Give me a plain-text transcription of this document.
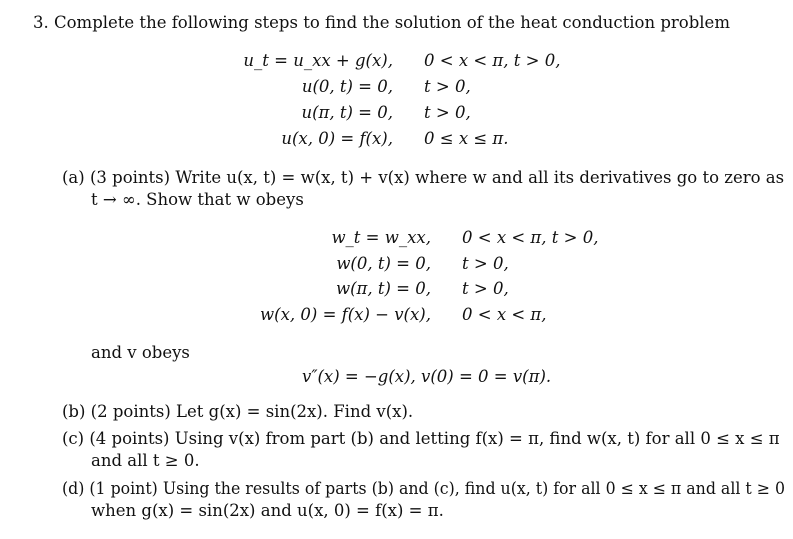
3. Complete the following steps to find the solution of the heat conduction problem
u_t = u_xx + g(x), 0 < x < π, t > 0,
u(0, t) = 0, t > 0,
u(π, t) = 0, t > 0,
u(x, 0) = f(x), 0 ≤ x ≤ π.
(a) (3 points) Write u(x, t) = w(x, t) + v(x) where w and all its derivatives go to zero as
t → ∞. Show that w obeys
w_t = w_xx, 0 < x < π, t > 0,
w(0, t) = 0, t > 0,
w(π, t) = 0, t > 0,
w(x, 0) = f(x) − v(x), 0 < x < π,
and v obeys
v″(x) = −g(x), v(0) = 0 = v(π).
(b) (2 points) Let g(x) = sin(2x). Find v(x).
(c) (4 points) Using v(x) from part (b) and letting f(x) = π, find w(x, t) for all 0 ≤ x ≤ π
and all t ≥ 0.
(d) (1 point) Using the results of parts (b) and (c), find u(x, t) for all 0 ≤ x ≤ π and all t ≥ 0
when g(x) = sin(2x) and u(x, 0) = f(x) = π.
